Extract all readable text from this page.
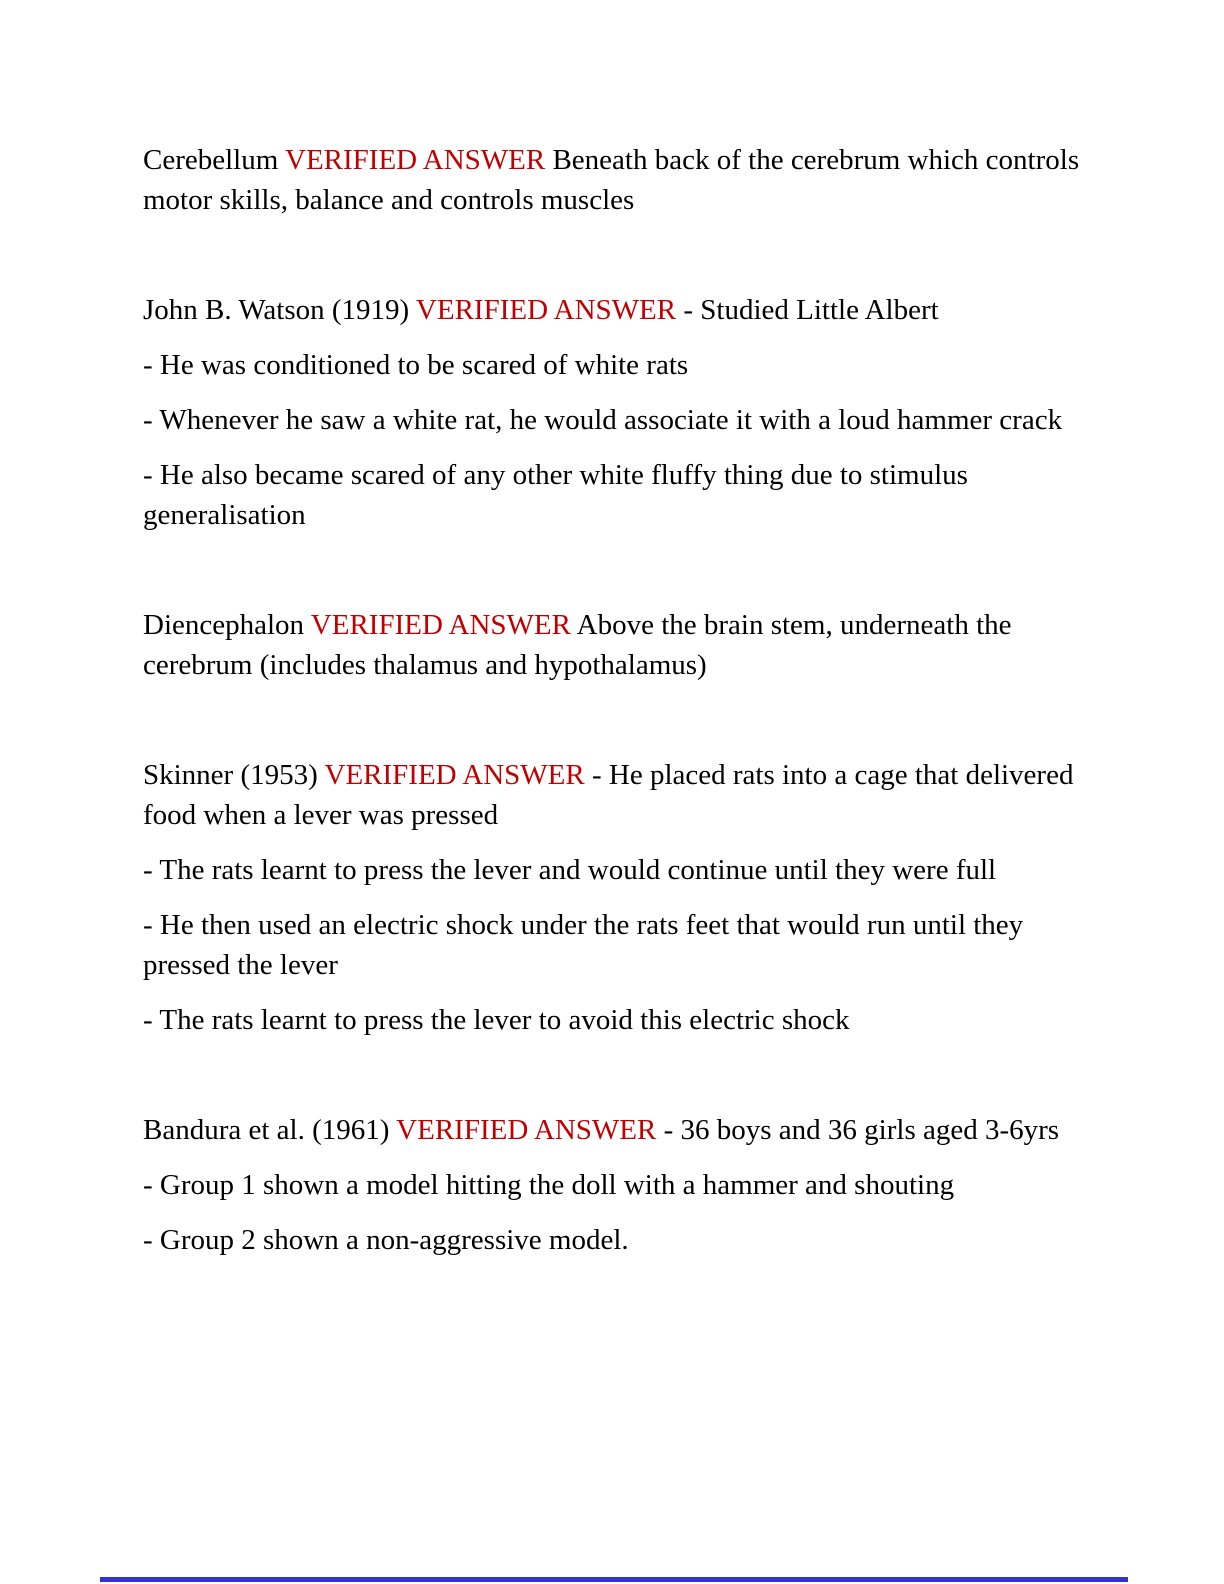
Cerebellum VERIFIED ANSWER Beneath back of the cerebrum which controls motor skills, balance and controls muscles

John B. Watson (1919) VERIFIED ANSWER - Studied Little Albert

- He was conditioned to be scared of white rats

- Whenever he saw a white rat, he would associate it with a loud hammer crack

- He also became scared of any other white fluffy thing due to stimulus generalisation

Diencephalon VERIFIED ANSWER Above the brain stem, underneath the cerebrum (includes thalamus and hypothalamus)

Skinner (1953) VERIFIED ANSWER - He placed rats into a cage that delivered food when a lever was pressed

- The rats learnt to press the lever and would continue until they were full

- He then used an electric shock under the rats feet that would run until they pressed the lever

- The rats learnt to press the lever to avoid this electric shock

Bandura et al. (1961) VERIFIED ANSWER - 36 boys and 36 girls aged 3-6yrs

- Group 1 shown a model hitting the doll with a hammer and shouting

- Group 2 shown a non-aggressive model.
